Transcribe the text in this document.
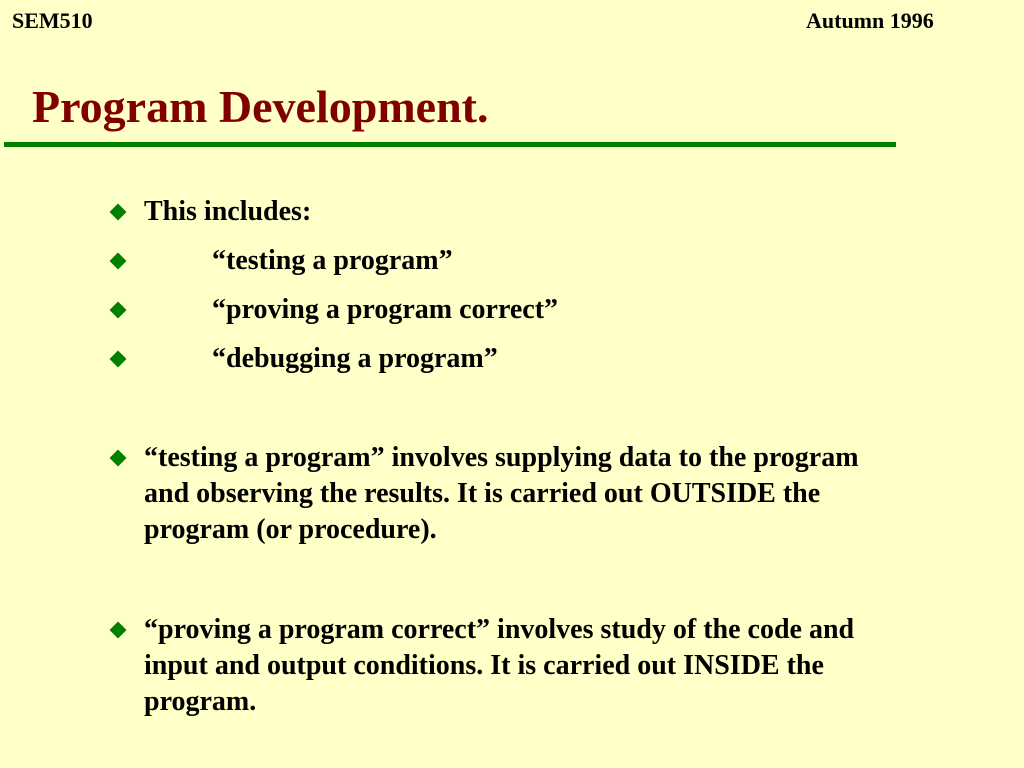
SEM510	Autumn 1996
Program Development.
This includes:
“testing a program”
“proving a program correct”
“debugging a program”
“testing a program” involves supplying data to the program and observing the results. It is carried out OUTSIDE the program (or procedure).
“proving a program correct” involves study of the code and input and output conditions. It is carried out INSIDE the program.
